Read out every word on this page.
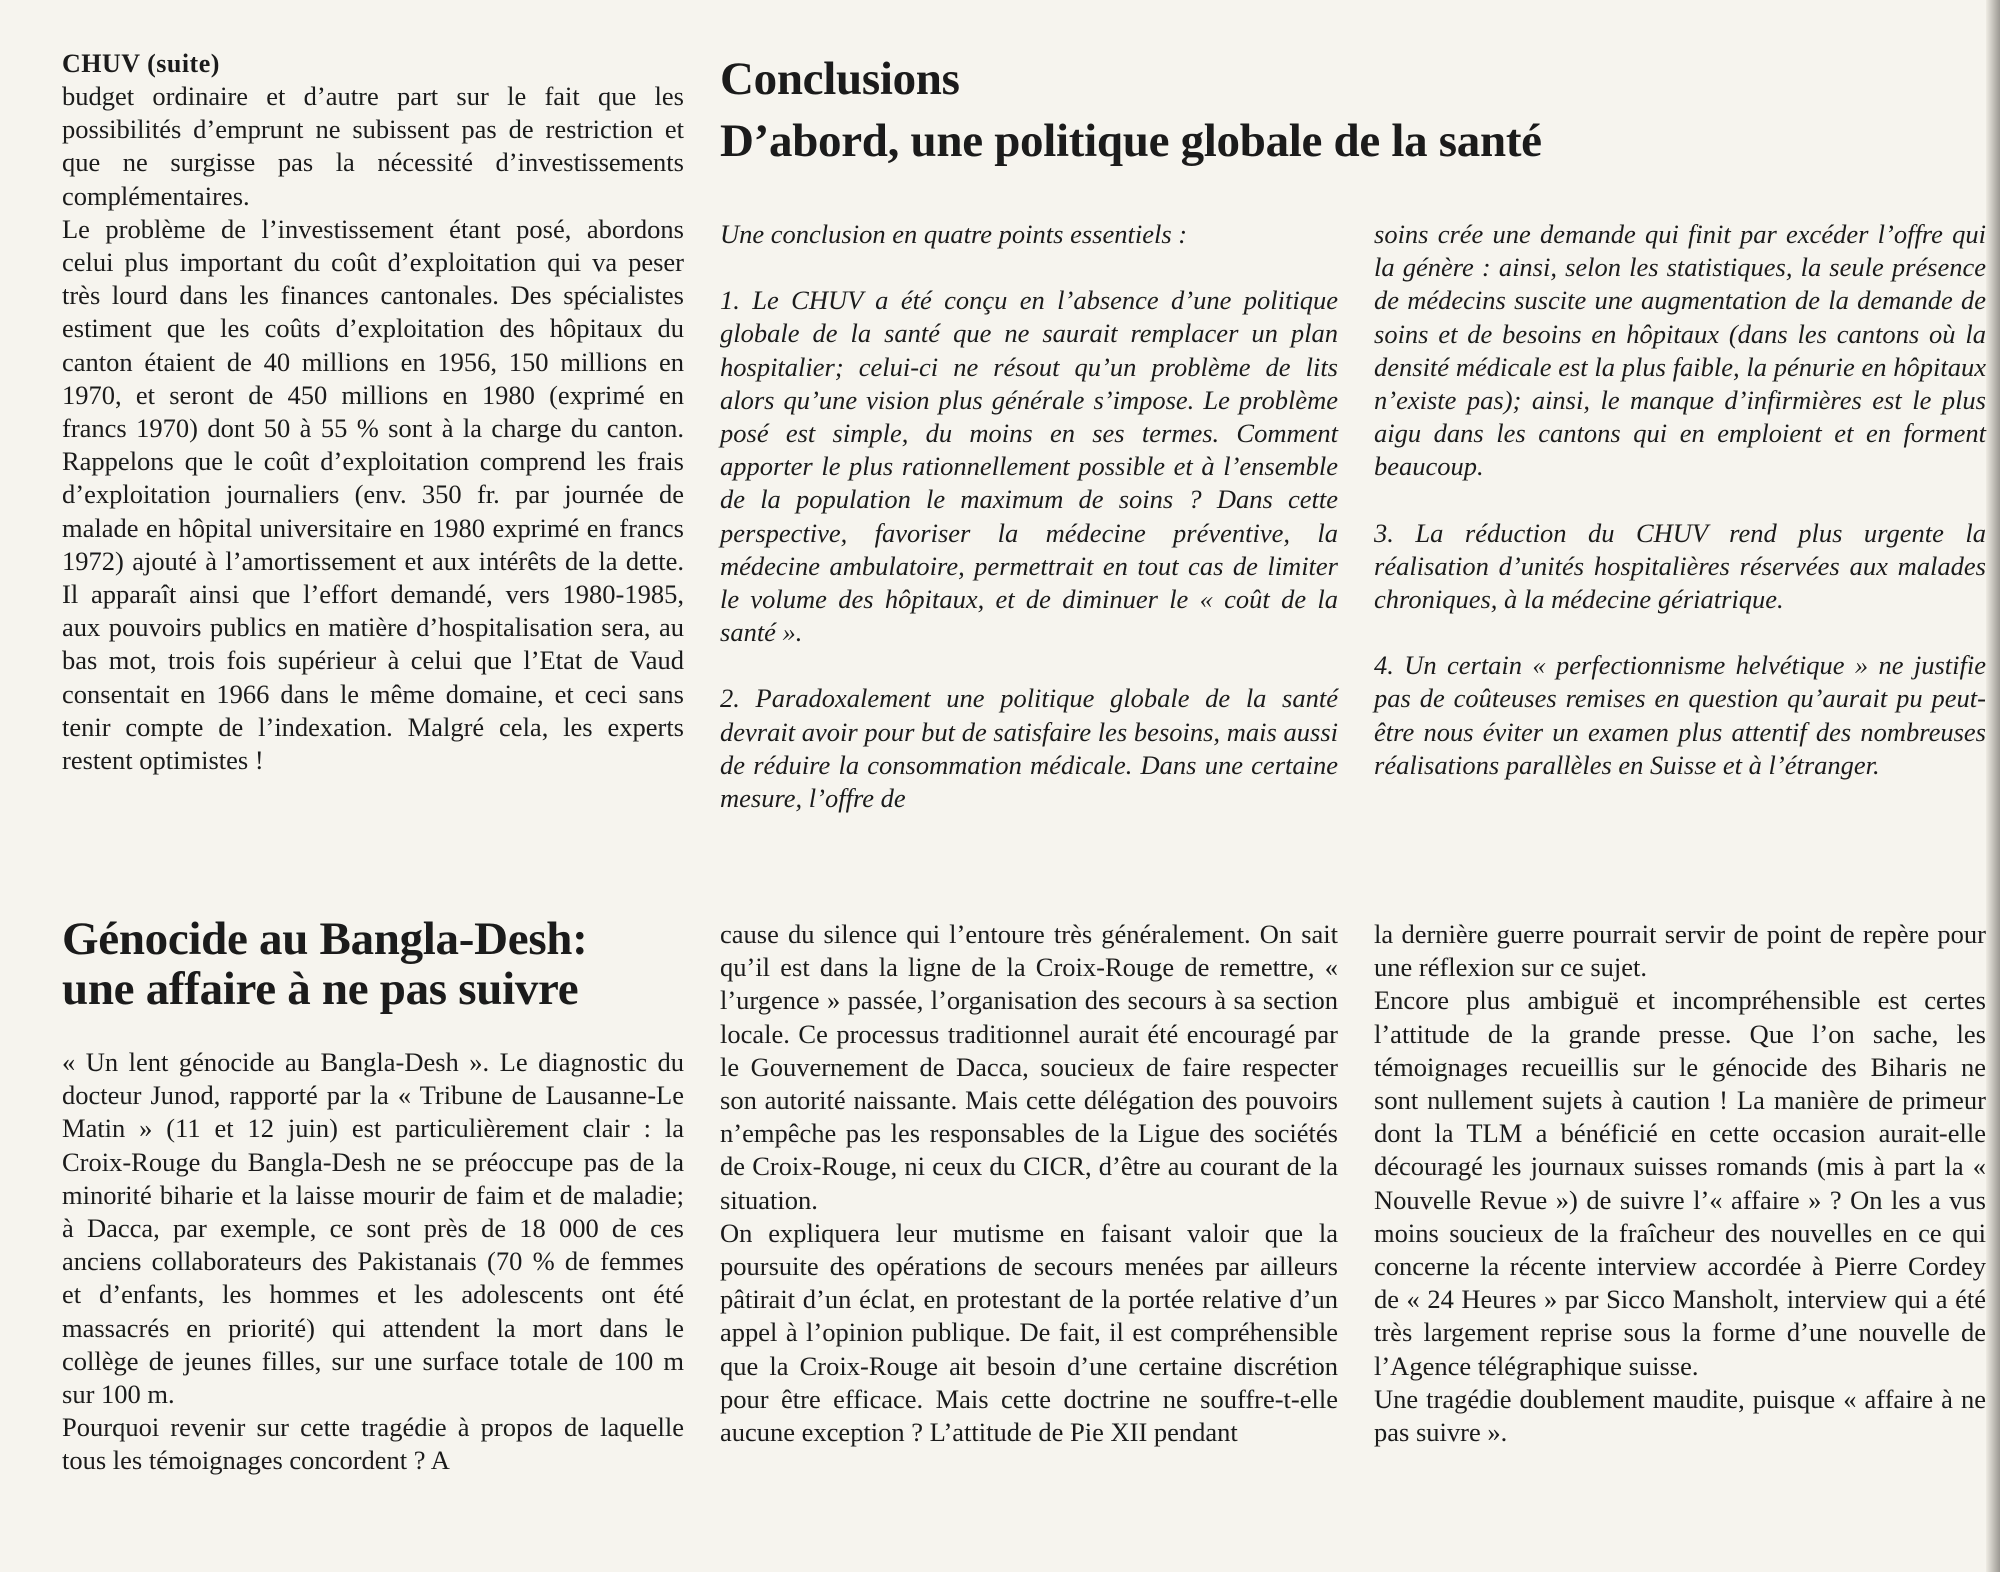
CHUV (suite)

budget ordinaire et d’autre part sur le fait que les possibilités d’emprunt ne subissent pas de restriction et que ne surgisse pas la nécessité d’investissements complémentaires.

Le problème de l’investissement étant posé, abordons celui plus important du coût d’exploitation qui va peser très lourd dans les finances cantonales. Des spécialistes estiment que les coûts d’exploitation des hôpitaux du canton étaient de 40 millions en 1956, 150 millions en 1970, et seront de 450 millions en 1980 (exprimé en francs 1970) dont 50 à 55 % sont à la charge du canton. Rappelons que le coût d’exploitation comprend les frais d’exploitation journaliers (env. 350 fr. par journée de malade en hôpital universitaire en 1980 exprimé en francs 1972) ajouté à l’amortissement et aux intérêts de la dette. Il apparaît ainsi que l’effort demandé, vers 1980-1985, aux pouvoirs publics en matière d’hospitalisation sera, au bas mot, trois fois supérieur à celui que l’Etat de Vaud consentait en 1966 dans le même domaine, et ceci sans tenir compte de l’indexation. Malgré cela, les experts restent optimistes !

Conclusions

D’abord, une politique globale de la santé

Une conclusion en quatre points essentiels :

1. Le CHUV a été conçu en l’absence d’une politique globale de la santé que ne saurait remplacer un plan hospitalier; celui-ci ne résout qu’un problème de lits alors qu’une vision plus générale s’impose. Le problème posé est simple, du moins en ses termes. Comment apporter le plus rationnellement possible et à l’ensemble de la population le maximum de soins ? Dans cette perspective, favoriser la médecine préventive, la médecine ambulatoire, permettrait en tout cas de limiter le volume des hôpitaux, et de diminuer le « coût de la santé ».

2. Paradoxalement une politique globale de la santé devrait avoir pour but de satisfaire les besoins, mais aussi de réduire la consommation médicale. Dans une certaine mesure, l’offre de

soins crée une demande qui finit par excéder l’offre qui la génère : ainsi, selon les statistiques, la seule présence de médecins suscite une augmentation de la demande de soins et de besoins en hôpitaux (dans les cantons où la densité médicale est la plus faible, la pénurie en hôpitaux n’existe pas); ainsi, le manque d’infirmières est le plus aigu dans les cantons qui en emploient et en forment beaucoup.

3. La réduction du CHUV rend plus urgente la réalisation d’unités hospitalières réservées aux malades chroniques, à la médecine gériatrique.

4. Un certain « perfectionnisme helvétique » ne justifie pas de coûteuses remises en question qu’aurait pu peut-être nous éviter un examen plus attentif des nombreuses réalisations parallèles en Suisse et à l’étranger.

Génocide au Bangla-Desh:

une affaire à ne pas suivre

« Un lent génocide au Bangla-Desh ». Le diagnostic du docteur Junod, rapporté par la « Tribune de Lausanne-Le Matin » (11 et 12 juin) est particulièrement clair : la Croix-Rouge du Bangla-Desh ne se préoccupe pas de la minorité biharie et la laisse mourir de faim et de maladie; à Dacca, par exemple, ce sont près de 18 000 de ces anciens collaborateurs des Pakistanais (70 % de femmes et d’enfants, les hommes et les adolescents ont été massacrés en priorité) qui attendent la mort dans le collège de jeunes filles, sur une surface totale de 100 m sur 100 m.

Pourquoi revenir sur cette tragédie à propos de laquelle tous les témoignages concordent ? A

cause du silence qui l’entoure très généralement. On sait qu’il est dans la ligne de la Croix-Rouge de remettre, « l’urgence » passée, l’organisation des secours à sa section locale. Ce processus traditionnel aurait été encouragé par le Gouvernement de Dacca, soucieux de faire respecter son autorité naissante. Mais cette délégation des pouvoirs n’empêche pas les responsables de la Ligue des sociétés de Croix-Rouge, ni ceux du CICR, d’être au courant de la situation.

On expliquera leur mutisme en faisant valoir que la poursuite des opérations de secours menées par ailleurs pâtirait d’un éclat, en protestant de la portée relative d’un appel à l’opinion publique. De fait, il est compréhensible que la Croix-Rouge ait besoin d’une certaine discrétion pour être efficace. Mais cette doctrine ne souffre-t-elle aucune exception ? L’attitude de Pie XII pendant

la dernière guerre pourrait servir de point de repère pour une réflexion sur ce sujet.

Encore plus ambiguë et incompréhensible est certes l’attitude de la grande presse. Que l’on sache, les témoignages recueillis sur le génocide des Biharis ne sont nullement sujets à caution ! La manière de primeur dont la TLM a bénéficié en cette occasion aurait-elle découragé les journaux suisses romands (mis à part la « Nouvelle Revue ») de suivre l’« affaire » ? On les a vus moins soucieux de la fraîcheur des nouvelles en ce qui concerne la récente interview accordée à Pierre Cordey de « 24 Heures » par Sicco Mansholt, interview qui a été très largement reprise sous la forme d’une nouvelle de l’Agence télégraphique suisse.

Une tragédie doublement maudite, puisque « affaire à ne pas suivre ».
